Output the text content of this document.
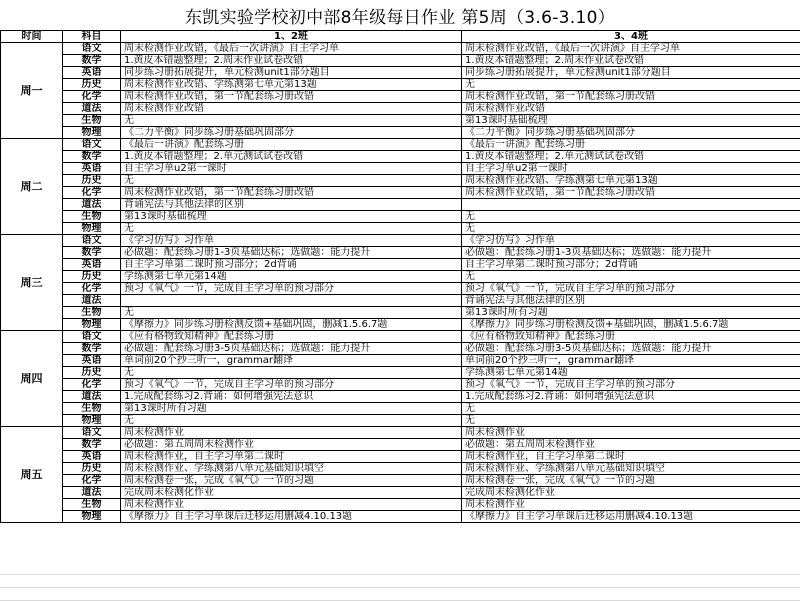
东凯实验学校初中部8年级每日作业 第5周（3.6-3.10）
时间	科目	1、2班	3、4班
周一	语文	周末检测作业改错，《最后一次讲演》自主学习单	周末检测作业改错，《最后一次讲演》自主学习单
	数学	1.黄皮本错题整理；2.周末作业试卷改错	1.黄皮本错题整理；2.周末作业试卷改错
	英语	同步练习册拓展提升，单元检测unit1部分题目	同步练习册拓展提升，单元检测unit1部分题目
	历史	周末检测作业改错、学练测第七单元第13题	无
	化学	周末检测作业改错，第一节配套练习册改错	周末检测作业改错，第一节配套练习册改错
	道法	周末检测作业改错	周末检测作业改错
	生物	无	第13课时基础梳理
	物理	《二力平衡》同步练习册基础巩固部分	《二力平衡》同步练习册基础巩固部分
周二	语文	《最后一讲演》配套练习册	《最后一讲演》配套练习册
	数学	1.黄皮本错题整理；2.单元测试试卷改错	1.黄皮本错题整理；2.单元测试试卷改错
	英语	自主学习单u2第一课时	自主学习单u2第一课时
	历史	无	周末检测作业改错、学练测第七单元第13题
	化学	周末检测作业改错，第一节配套练习册改错	周末检测作业改错，第一节配套练习册改错
	道法	背诵宪法与其他法律的区别	
	生物	第13课时基础梳理	无
	物理	无	无
周三	语文	《学习仿写》习作单	《学习仿写》习作单
	数学	必做题：配套练习册1-3页基础达标；选做题：能力提升	必做题：配套练习册1-3页基础达标；选做题：能力提升
	英语	自主学习单第二课时预习部分；2d背诵	自主学习单第二课时预习部分；2d背诵
	历史	学练测第七单元第14题	无
	化学	预习《氧气》一节，完成自主学习单的预习部分	预习《氧气》一节，完成自主学习单的预习部分
	道法		背诵宪法与其他法律的区别
	生物	无	第13课时所有习题
	物理	《摩擦力》同步练习册检测反馈+基础巩固，删减1.5.6.7题	《摩擦力》同步练习册检测反馈+基础巩固，删减1.5.6.7题
周四	语文	《应有格物致知精神》配套练习册	《应有格物致知精神》配套练习册
	数学	必做题：配套练习册3-5页基础达标；选做题：能力提升	必做题：配套练习册3-5页基础达标；选做题：能力提升
	英语	单词前20个抄三听一，grammar翻译	单词前20个抄三听一，grammar翻译
	历史	无	学练测第七单元第14题
	化学	预习《氧气》一节，完成自主学习单的预习部分	预习《氧气》一节，完成自主学习单的预习部分
	道法	1.完成配套练习2.背诵：如何增强宪法意识	1.完成配套练习2.背诵：如何增强宪法意识
	生物	第13课时所有习题	无
	物理	无	无
周五	语文	周末检测作业	周末检测作业
	数学	必做题：第五周周末检测作业	必做题：第五周周末检测作业
	英语	周末检测作业，自主学习单第二课时	周末检测作业，自主学习单第二课时
	历史	周末检测作业、学练测第八单元基础知识填空	周末检测作业、学练测第八单元基础知识填空
	化学	周末检测卷一张，完成《氧气》一节的习题	周末检测卷一张，完成《氧气》一节的习题
	道法	完成周末检测化作业	完成周末检测化作业
	生物	周末检测作业	周末检测作业
	物理	《摩擦力》自主学习单课后迁移运用删减4.10.13题	《摩擦力》自主学习单课后迁移运用删减4.10.13题
